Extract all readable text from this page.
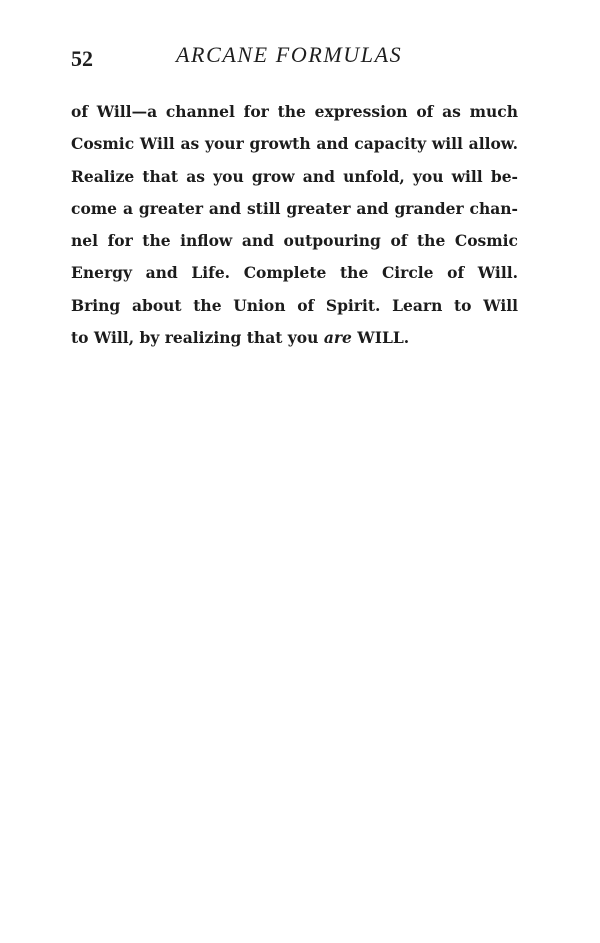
52	ARCANE FORMULAS
of Will—a channel for the expression of as much
Cosmic Will as your growth and capacity will allow.
Realize that as you grow and unfold, you will be-
come a greater and still greater and grander chan-
nel for the inflow and outpouring of the Cosmic
Energy and Life. Complete the Circle of Will.
Bring about the Union of Spirit. Learn to Will
to Will, by realizing that you are WILL.
